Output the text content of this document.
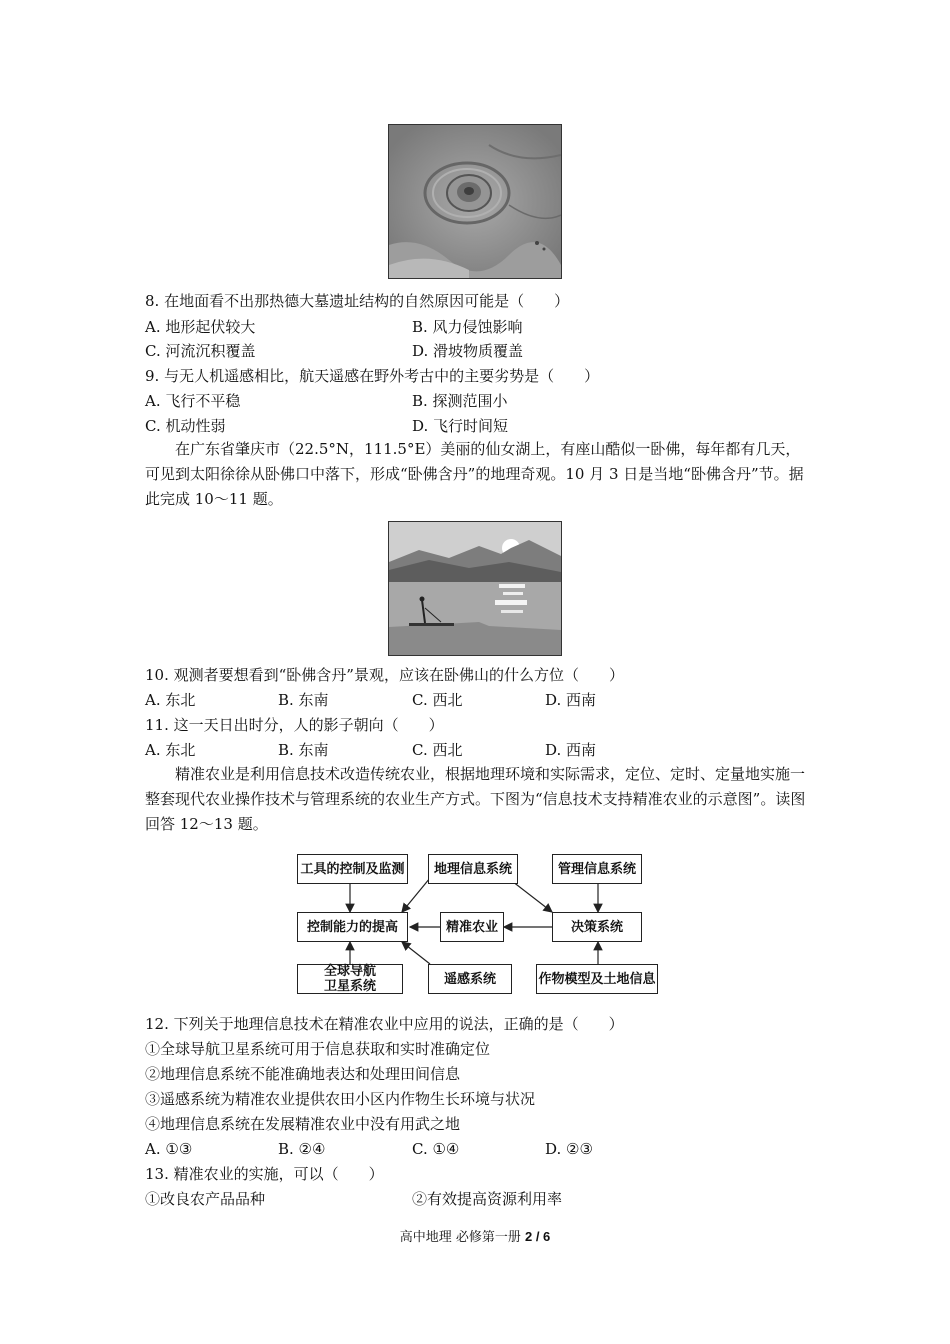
8. 在地面看不出那热德大墓遗址结构的自然原因可能是（　　）
A. 地形起伏较大	B. 风力侵蚀影响
C. 河流沉积覆盖	D. 滑坡物质覆盖
9. 与无人机遥感相比，航天遥感在野外考古中的主要劣势是（　　）
A. 飞行不平稳	B. 探测范围小
C. 机动性弱	D. 飞行时间短
在广东省肇庆市（22.5°N，111.5°E）美丽的仙女湖上，有座山酷似一卧佛，每年都有几天，可见到太阳徐徐从卧佛口中落下，形成“卧佛含丹”的地理奇观。10 月 3 日是当地“卧佛含丹”节。据此完成 10～11 题。
10. 观测者要想看到“卧佛含丹”景观，应该在卧佛山的什么方位（　　）
A. 东北	B. 东南	C. 西北	D. 西南
11. 这一天日出时分，人的影子朝向（　　）
A. 东北	B. 东南	C. 西北	D. 西南
精准农业是利用信息技术改造传统农业，根据地理环境和实际需求，定位、定时、定量地实施一整套现代农业操作技术与管理系统的农业生产方式。下图为“信息技术支持精准农业的示意图”。读图回答 12～13 题。
工具的控制及监测	地理信息系统	管理信息系统
控制能力的提高	精准农业	决策系统
全球导航
卫星系统	遥感系统	作物模型及土地信息
12. 下列关于地理信息技术在精准农业中应用的说法，正确的是（　　）
①全球导航卫星系统可用于信息获取和实时准确定位
②地理信息系统不能准确地表达和处理田间信息
③遥感系统为精准农业提供农田小区内作物生长环境与状况
④地理信息系统在发展精准农业中没有用武之地
A. ①③	B. ②④	C. ①④	D. ②③
13. 精准农业的实施，可以（　　）
①改良农产品品种	②有效提高资源利用率
高中地理 必修第一册 2 / 6
